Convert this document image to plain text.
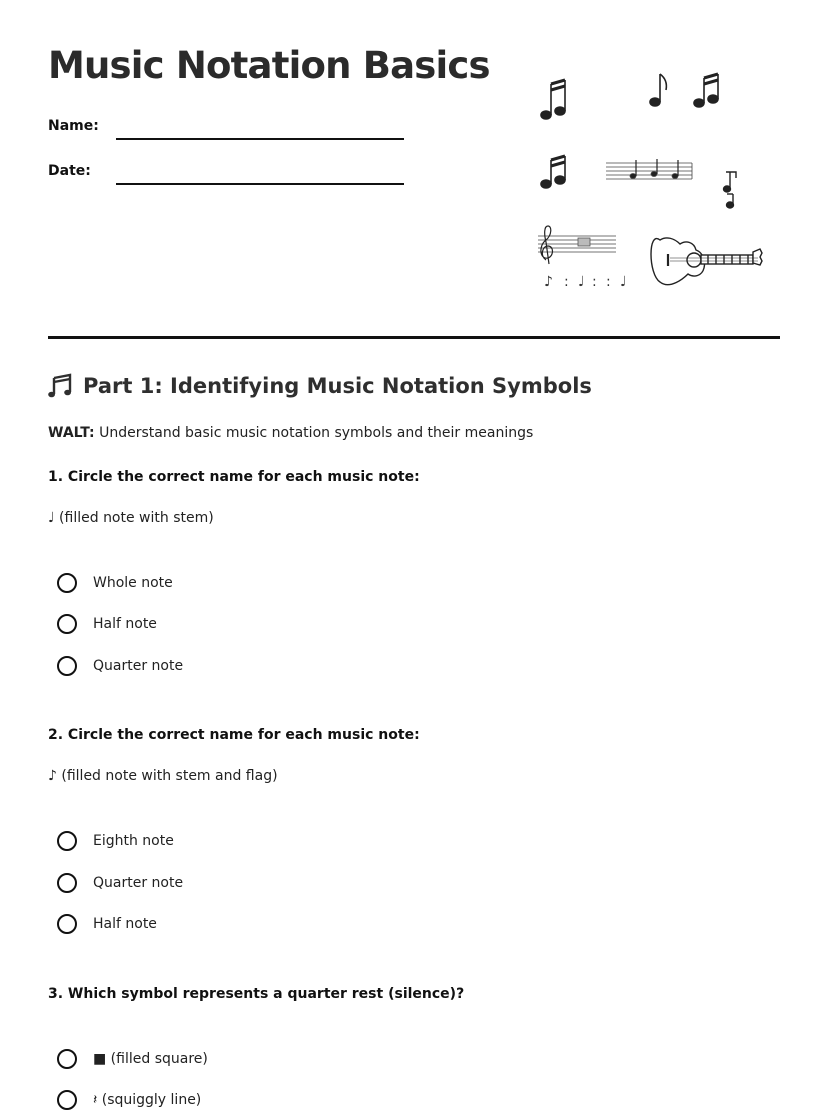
Music Notation Basics
Name:
Date:
♪ : ♩ : : ♩
Part 1: Identifying Music Notation Symbols
WALT: Understand basic music notation symbols and their meanings
1. Circle the correct name for each music note:
♩ (filled note with stem)
Whole note
Half note
Quarter note
2. Circle the correct name for each music note:
♪ (filled note with stem and flag)
Eighth note
Quarter note
Half note
3. Which symbol represents a quarter rest (silence)?
■ (filled square)
𝄽 (squiggly line)
